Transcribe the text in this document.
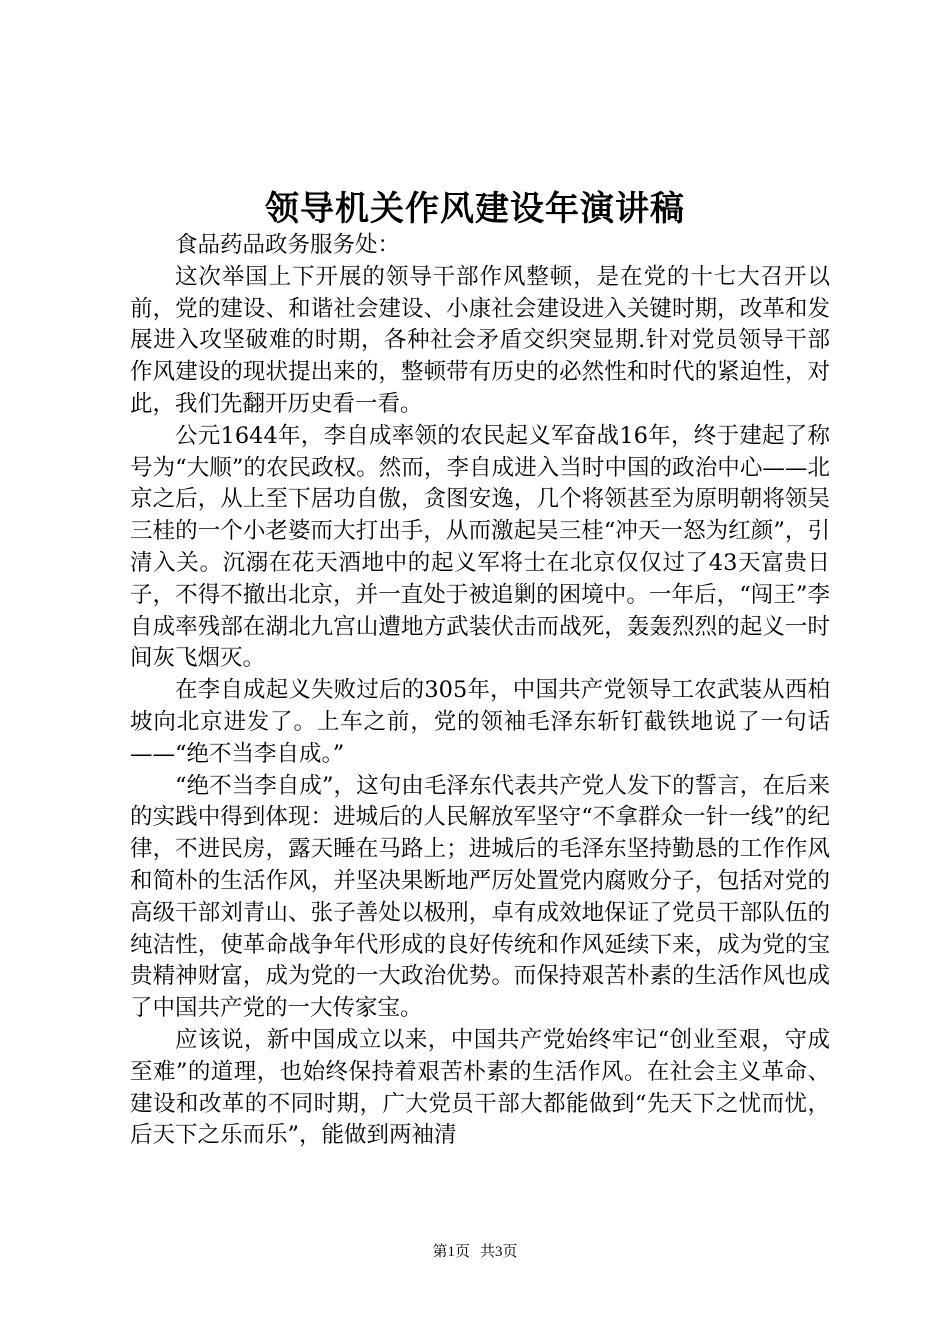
领导机关作风建设年演讲稿

食品药品政务服务处：

这次举国上下开展的领导干部作风整顿，是在党的十七大召开以前，党的建设、和谐社会建设、小康社会建设进入关键时期，改革和发展进入攻坚破难的时期，各种社会矛盾交织突显期.针对党员领导干部作风建设的现状提出来的，整顿带有历史的必然性和时代的紧迫性，对此，我们先翻开历史看一看。

公元1644年，李自成率领的农民起义军奋战16年，终于建起了称号为“大顺”的农民政权。然而，李自成进入当时中国的政治中心——北京之后，从上至下居功自傲，贪图安逸，几个将领甚至为原明朝将领吴三桂的一个小老婆而大打出手，从而激起吴三桂“冲天一怒为红颜”，引清入关。沉溺在花天酒地中的起义军将士在北京仅仅过了43天富贵日子，不得不撤出北京，并一直处于被追剿的困境中。一年后，“闯王”李自成率残部在湖北九宫山遭地方武装伏击而战死，轰轰烈烈的起义一时间灰飞烟灭。

在李自成起义失败过后的305年，中国共产党领导工农武装从西柏坡向北京进发了。上车之前，党的领袖毛泽东斩钉截铁地说了一句话——“绝不当李自成。”

“绝不当李自成”，这句由毛泽东代表共产党人发下的誓言，在后来的实践中得到体现：进城后的人民解放军坚守“不拿群众一针一线”的纪律，不进民房，露天睡在马路上；进城后的毛泽东坚持勤恳的工作作风和简朴的生活作风，并坚决果断地严厉处置党内腐败分子，包括对党的高级干部刘青山、张子善处以极刑，卓有成效地保证了党员干部队伍的纯洁性，使革命战争年代形成的良好传统和作风延续下来，成为党的宝贵精神财富，成为党的一大政治优势。而保持艰苦朴素的生活作风也成了中国共产党的一大传家宝。

应该说，新中国成立以来，中国共产党始终牢记“创业至艰，守成至难”的道理，也始终保持着艰苦朴素的生活作风。在社会主义革命、建设和改革的不同时期，广大党员干部大都能做到“先天下之忧而忧，后天下之乐而乐”，能做到两袖清

第1页 共3页
